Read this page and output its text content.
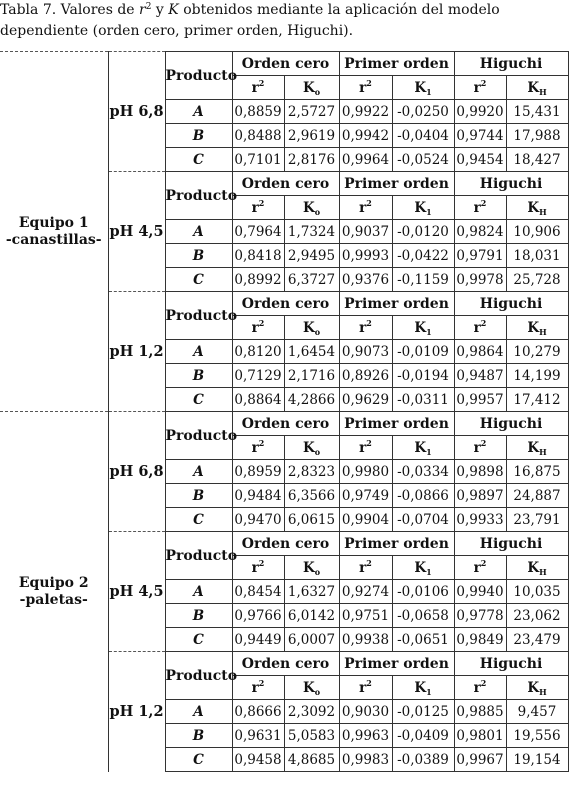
Tabla 7. Valores de $r^2$ y K obtenidos mediante la aplicación del modelo dependiente (orden cero, primer orden, Higuchi).
Equipo 1
-canastillas-	pH 6,8	Producto	Orden cero		Primer orden		Higuchi	
			$r^2$	$K_o$	$r^2$	$K_1$	$r^2$	$K_H$
		A	0,8859	2,5727	0,9922	-0,0250	0,9920	15,431
		B	0,8488	2,9619	0,9942	-0,0404	0,9744	17,988
		C	0,7101	2,8176	0,9964	-0,0524	0,9454	18,427
	pH 4,5	Producto	Orden cero		Primer orden		Higuchi	
			$r^2$	$K_o$	$r^2$	$K_1$	$r^2$	$K_H$
		A	0,7964	1,7324	0,9037	-0,0120	0,9824	10,906
		B	0,8418	2,9495	0,9993	-0,0422	0,9791	18,031
		C	0,8992	6,3727	0,9376	-0,1159	0,9978	25,728
	pH 1,2	Producto	Orden cero		Primer orden		Higuchi	
			$r^2$	$K_o$	$r^2$	$K_1$	$r^2$	$K_H$
		A	0,8120	1,6454	0,9073	-0,0109	0,9864	10,279
		B	0,7129	2,1716	0,8926	-0,0194	0,9487	14,199
		C	0,8864	4,2866	0,9629	-0,0311	0,9957	17,412

Equipo 2
-paletas-	pH 6,8	Producto	Orden cero		Primer orden		Higuchi	
			$r^2$	$K_o$	$r^2$	$K_1$	$r^2$	$K_H$
		A	0,8959	2,8323	0,9980	-0,0334	0,9898	16,875
		B	0,9484	6,3566	0,9749	-0,0866	0,9897	24,887
		C	0,9470	6,0615	0,9904	-0,0704	0,9933	23,791
	pH 4,5	Producto	Orden cero		Primer orden		Higuchi	
			$r^2$	$K_o$	$r^2$	$K_1$	$r^2$	$K_H$
		A	0,8454	1,6327	0,9274	-0,0106	0,9940	10,035
		B	0,9766	6,0142	0,9751	-0,0658	0,9778	23,062
		C	0,9449	6,0007	0,9938	-0,0651	0,9849	23,479
	pH 1,2	Producto	Orden cero		Primer orden		Higuchi	
			$r^2$	$K_o$	$r^2$	$K_1$	$r^2$	$K_H$
		A	0,8666	2,3092	0,9030	-0,0125	0,9885	9,457
		B	0,9631	5,0583	0,9963	-0,0409	0,9801	19,556
		C	0,9458	4,8685	0,9983	-0,0389	0,9967	19,154
